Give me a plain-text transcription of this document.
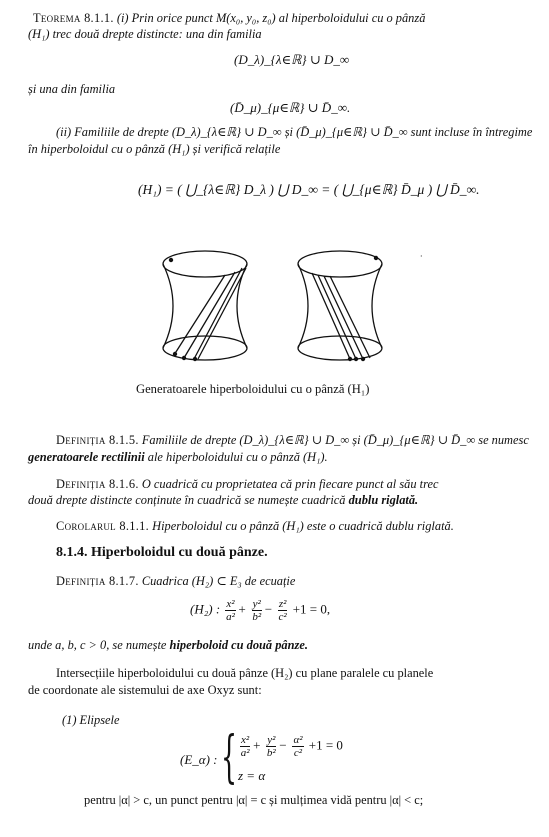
Teorema 8.1.1. (i) Prin orice punct M(x₀, y₀, z₀) al hiperboloidului cu o pânză
(H₁) trec două drepte distincte: una din familia
(D_λ)_{λ∈ℝ} ∪ D_∞
și una din familia
(D̄_μ)_{μ∈ℝ} ∪ D̄_∞.
(ii) Familiile de drepte (D_λ)_{λ∈ℝ} ∪ D_∞ și (D̄_μ)_{μ∈ℝ} ∪ D̄_∞ sunt incluse în întregime
în hiperboloidul cu o pânză (H₁) și verifică relațile
(H₁) = ( ⋃_{λ∈ℝ} D_λ ) ⋃ D_∞ = ( ⋃_{μ∈ℝ} D̄_μ ) ⋃ D̄_∞.
·
Generatoarele hiperboloidului cu o pânză (H₁)
Definiția 8.1.5. Familiile de drepte (D_λ)_{λ∈ℝ} ∪ D_∞ și (D̄_μ)_{μ∈ℝ} ∪ D̄_∞ se numesc
generatoarele rectilinii ale hiperboloidului cu o pânză (H₁).
Definiția 8.1.6. O cuadrică cu proprietatea că prin fiecare punct al său trec
două drepte distincte conținute în cuadrică se numește cuadrică dublu riglată.
Corolarul 8.1.1. Hiperboloidul cu o pânză (H₁) este o cuadrică dublu riglată.
8.1.4. Hiperboloidul cu două pânze.
Definiția 8.1.7. Cuadrica (H₂) ⊂ E₃ de ecuație
(H₂) : $\frac{\text{x²}}{\text{a²}} + \frac{\text{y²}}{\text{b²}} - \frac{\text{z²}}{\text{c²}} +1 = 0$,
unde a, b, c > 0, se numește hiperboloid cu două pânze.
Intersecțiile hiperboloidului cu două pânze (H₂) cu plane paralele cu planele
de coordonate ale sistemului de axe Oxyz sunt:
(1) Elipsele
(E_α) : { $\frac{\text{x²}}{\text{a²}} + \frac{\text{y²}}{\text{b²}} - \frac{\text{α²}}{\text{c²}} +1 = 0$
z = α
pentru |α| > c, un punct pentru |α| = c și mulțimea vidă pentru |α| < c;
